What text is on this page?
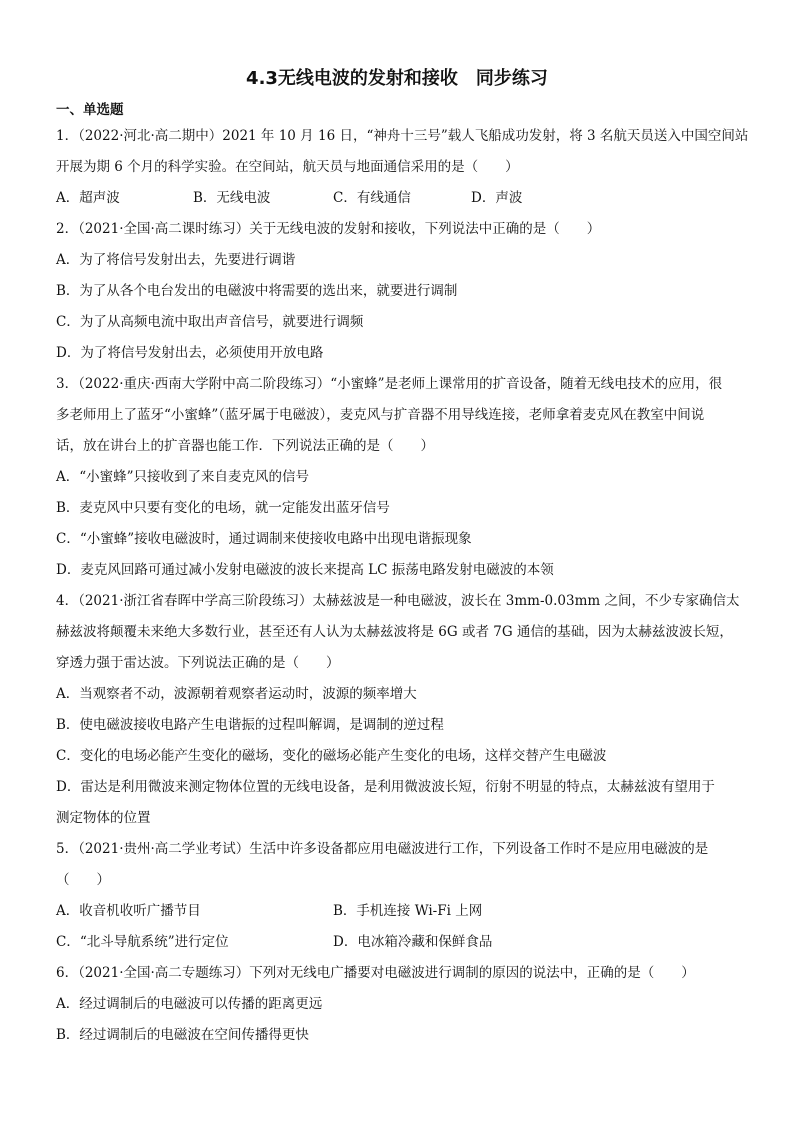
4.3无线电波的发射和接收　同步练习
一、单选题
1．（2022·河北·高二期中）2021 年 10 月 16 日，“神舟十三号”载人飞船成功发射，将 3 名航天员送入中国空间站
开展为期 6 个月的科学实验。在空间站，航天员与地面通信采用的是（　　）
A．超声波	B．无线电波	C．有线通信	D．声波
2．（2021·全国·高二课时练习）关于无线电波的发射和接收，下列说法中正确的是（　　）
A．为了将信号发射出去，先要进行调谐
B．为了从各个电台发出的电磁波中将需要的选出来，就要进行调制
C．为了从高频电流中取出声音信号，就要进行调频
D．为了将信号发射出去，必须使用开放电路
3．（2022·重庆·西南大学附中高二阶段练习）“小蜜蜂”是老师上课常用的扩音设备，随着无线电技术的应用，很
多老师用上了蓝牙“小蜜蜂”（蓝牙属于电磁波），麦克风与扩音器不用导线连接，老师拿着麦克风在教室中间说
话，放在讲台上的扩音器也能工作．下列说法正确的是（　　）
A．“小蜜蜂”只接收到了来自麦克风的信号
B．麦克风中只要有变化的电场，就一定能发出蓝牙信号
C．“小蜜蜂”接收电磁波时，通过调制来使接收电路中出现电谐振现象
D．麦克风回路可通过减小发射电磁波的波长来提高 LC 振荡电路发射电磁波的本领
4．（2021·浙江省春晖中学高三阶段练习）太赫兹波是一种电磁波，波长在 3mm-0.03mm 之间，不少专家确信太
赫兹波将颠覆未来绝大多数行业，甚至还有人认为太赫兹波将是 6G 或者 7G 通信的基础，因为太赫兹波波长短，
穿透力强于雷达波。下列说法正确的是（　　）
A．当观察者不动，波源朝着观察者运动时，波源的频率增大
B．使电磁波接收电路产生电谐振的过程叫解调，是调制的逆过程
C．变化的电场必能产生变化的磁场，变化的磁场必能产生变化的电场，这样交替产生电磁波
D．雷达是利用微波来测定物体位置的无线电设备，是利用微波波长短，衍射不明显的特点，太赫兹波有望用于
测定物体的位置
5．（2021·贵州·高二学业考试）生活中许多设备都应用电磁波进行工作，下列设备工作时不是应用电磁波的是
（　　）
A．收音机收听广播节目	B．手机连接 Wi-Fi 上网
C．“北斗导航系统”进行定位	D．电冰箱冷藏和保鲜食品
6．（2021·全国·高二专题练习）下列对无线电广播要对电磁波进行调制的原因的说法中，正确的是（　　）
A．经过调制后的电磁波可以传播的距离更远
B．经过调制后的电磁波在空间传播得更快
